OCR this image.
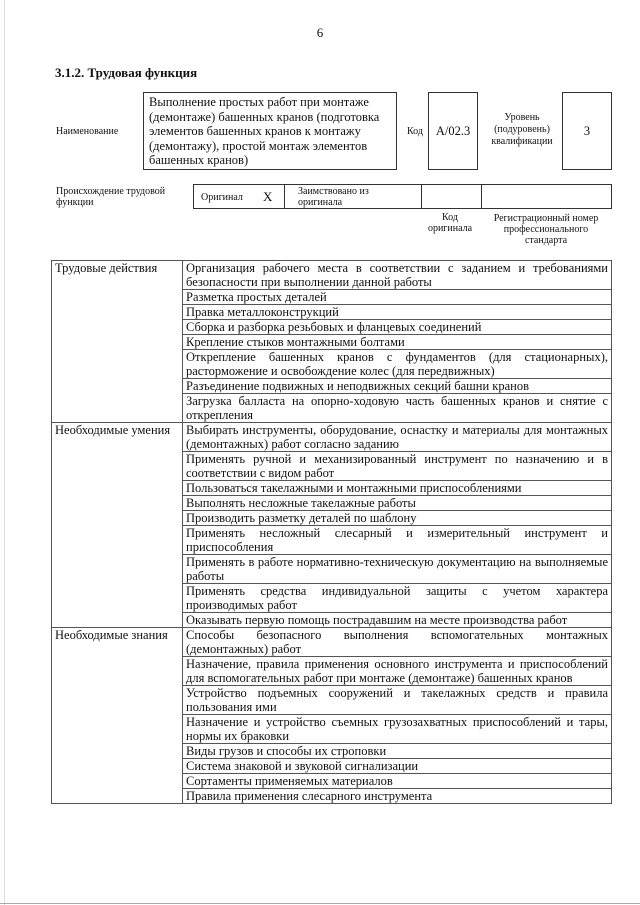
6
3.1.2. Трудовая функция
Наименование
Выполнение простых работ при монтаже (демонтаже) башенных кранов (подготовка элементов башенных кранов к монтажу (демонтажу), простой монтаж элементов башенных кранов)
Код А/02.3
Уровень (подуровень) квалификации
3
Происхождение трудовой функции	Оригинал X	Заимствовано из оригинала
Код оригинала
Регистрационный номер профессионального стандарта
Трудовые действия	Организация рабочего места в соответствии с заданием и требованиями безопасности при выполнении данной работы
	Разметка простых деталей
	Правка металлоконструкций
	Сборка и разборка резьбовых и фланцевых соединений
	Крепление стыков монтажными болтами
	Открепление башенных кранов с фундаментов (для стационарных), расторможение и освобождение колес (для передвижных)
	Разъединение подвижных и неподвижных секций башни кранов
	Загрузка балласта на опорно-ходовую часть башенных кранов и снятие с открепления
Необходимые умения	Выбирать инструменты, оборудование, оснастку и материалы для монтажных (демонтажных) работ согласно заданию
	Применять ручной и механизированный инструмент по назначению и в соответствии с видом работ
	Пользоваться такелажными и монтажными приспособлениями
	Выполнять несложные такелажные работы
	Производить разметку деталей по шаблону
	Применять несложный слесарный и измерительный инструмент и приспособления
	Применять в работе нормативно-техническую документацию на выполняемые работы
	Применять средства индивидуальной защиты с учетом характера производимых работ
	Оказывать первую помощь пострадавшим на месте производства работ
Необходимые знания	Способы безопасного выполнения вспомогательных монтажных (демонтажных) работ
	Назначение, правила применения основного инструмента и приспособлений для вспомогательных работ при монтаже (демонтаже) башенных кранов
	Устройство подъемных сооружений и такелажных средств и правила пользования ими
	Назначение и устройство съемных грузозахватных приспособлений и тары, нормы их браковки
	Виды грузов и способы их строповки
	Система знаковой и звуковой сигнализации
	Сортаменты применяемых материалов
	Правила применения слесарного инструмента
